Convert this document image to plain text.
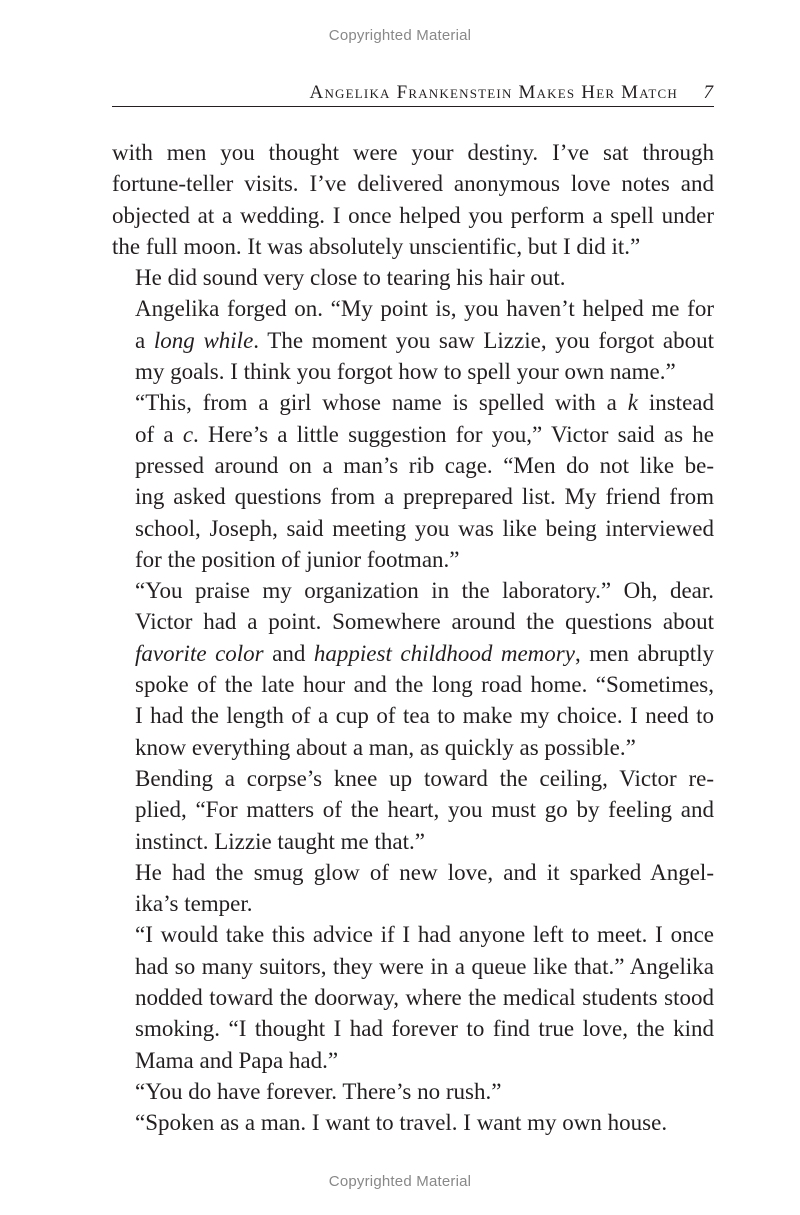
Copyrighted Material
Angelika Frankenstein Makes Her Match 7

with men you thought were your destiny. I’ve sat through
fortune-teller visits. I’ve delivered anonymous love notes and
objected at a wedding. I once helped you perform a spell under
the full moon. It was absolutely unscientific, but I did it.”

He did sound very close to tearing his hair out.

Angelika forged on. “My point is, you haven’t helped me for
a long while. The moment you saw Lizzie, you forgot about
my goals. I think you forgot how to spell your own name.”

“This, from a girl whose name is spelled with a k instead
of a c. Here’s a little suggestion for you,” Victor said as he
pressed around on a man’s rib cage. “Men do not like be-
ing asked questions from a preprepared list. My friend from
school, Joseph, said meeting you was like being interviewed
for the position of junior footman.”

“You praise my organization in the laboratory.” Oh, dear.
Victor had a point. Somewhere around the questions about
favorite color and happiest childhood memory, men abruptly
spoke of the late hour and the long road home. “Sometimes,
I had the length of a cup of tea to make my choice. I need to
know everything about a man, as quickly as possible.”

Bending a corpse’s knee up toward the ceiling, Victor re-
plied, “For matters of the heart, you must go by feeling and
instinct. Lizzie taught me that.”

He had the smug glow of new love, and it sparked Angel-
ika’s temper.

“I would take this advice if I had anyone left to meet. I once
had so many suitors, they were in a queue like that.” Angelika
nodded toward the doorway, where the medical students stood
smoking. “I thought I had forever to find true love, the kind
Mama and Papa had.”

“You do have forever. There’s no rush.”

“Spoken as a man. I want to travel. I want my own house.

Copyrighted Material
